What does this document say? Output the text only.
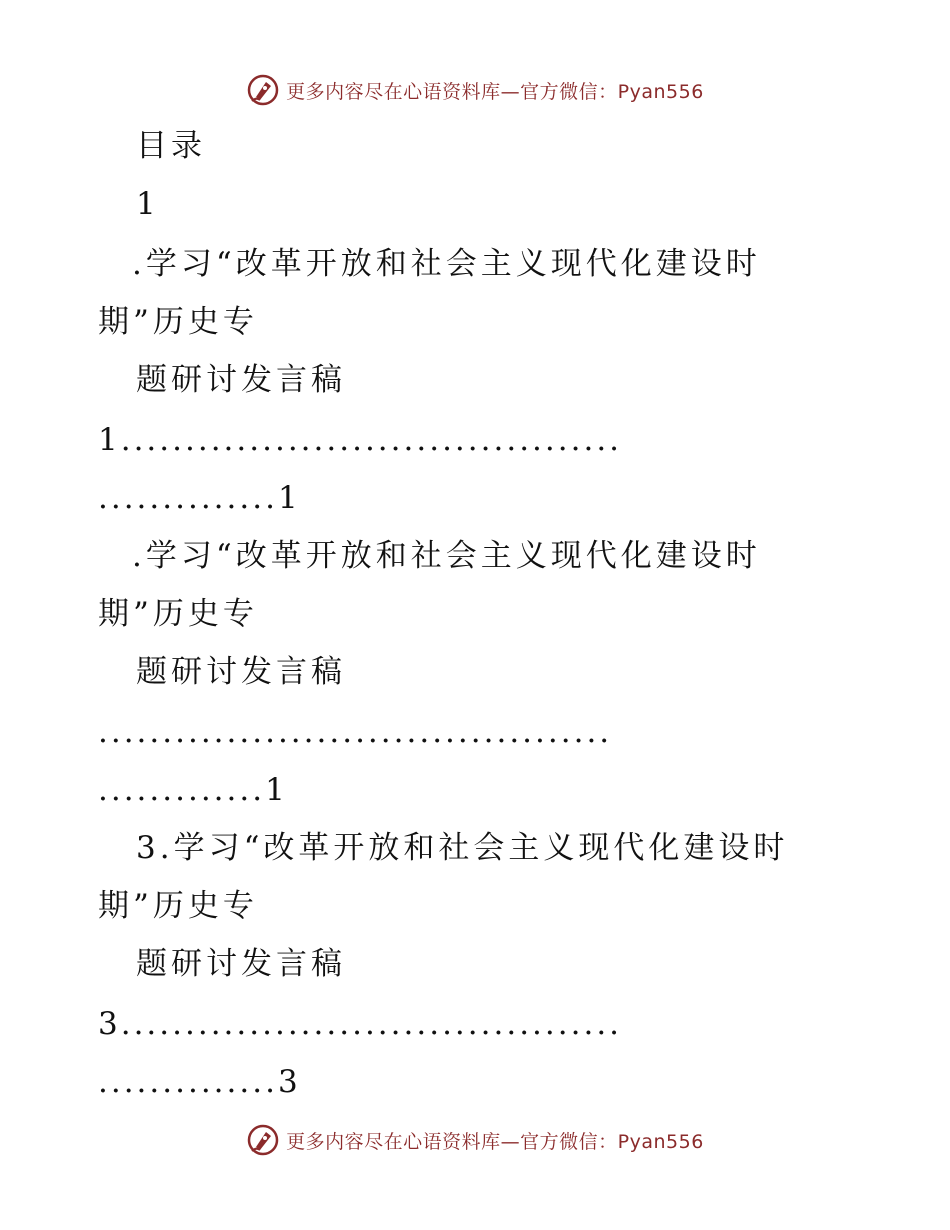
更多内容尽在心语资料库—官方微信：Pyan556
目录
1
.学习“改革开放和社会主义现代化建设时
期”历史专
题研讨发言稿
1.......................................
..............1
.学习“改革开放和社会主义现代化建设时
期”历史专
题研讨发言稿
........................................
.............1
3.学习“改革开放和社会主义现代化建设时
期”历史专
题研讨发言稿
3.......................................
..............3
更多内容尽在心语资料库—官方微信：Pyan556
